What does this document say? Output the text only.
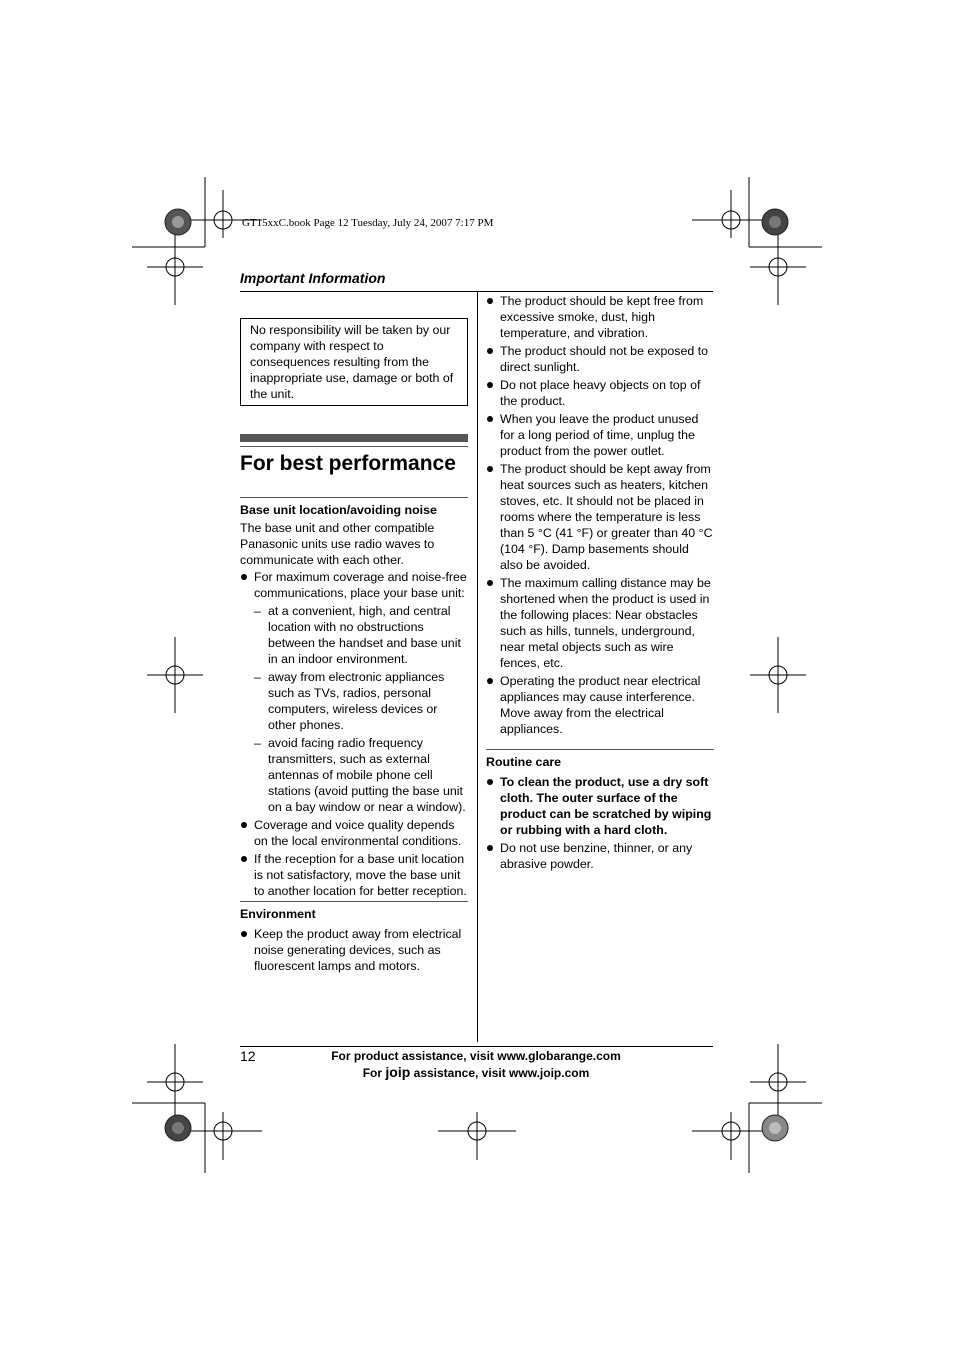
GT15xxC.book Page 12 Tuesday, July 24, 2007 7:17 PM
Important Information
No responsibility will be taken by our company with respect to consequences resulting from the inappropriate use, damage or both of the unit.
For best performance
Base unit location/avoiding noise
The base unit and other compatible Panasonic units use radio waves to communicate with each other.
For maximum coverage and noise-free communications, place your base unit:
– at a convenient, high, and central location with no obstructions between the handset and base unit in an indoor environment.
– away from electronic appliances such as TVs, radios, personal computers, wireless devices or other phones.
– avoid facing radio frequency transmitters, such as external antennas of mobile phone cell stations (avoid putting the base unit on a bay window or near a window).
Coverage and voice quality depends on the local environmental conditions.
If the reception for a base unit location is not satisfactory, move the base unit to another location for better reception.
Environment
Keep the product away from electrical noise generating devices, such as fluorescent lamps and motors.
The product should be kept free from excessive smoke, dust, high temperature, and vibration.
The product should not be exposed to direct sunlight.
Do not place heavy objects on top of the product.
When you leave the product unused for a long period of time, unplug the product from the power outlet.
The product should be kept away from heat sources such as heaters, kitchen stoves, etc. It should not be placed in rooms where the temperature is less than 5 °C (41 °F) or greater than 40 °C (104 °F). Damp basements should also be avoided.
The maximum calling distance may be shortened when the product is used in the following places: Near obstacles such as hills, tunnels, underground, near metal objects such as wire fences, etc.
Operating the product near electrical appliances may cause interference. Move away from the electrical appliances.
Routine care
To clean the product, use a dry soft cloth. The outer surface of the product can be scratched by wiping or rubbing with a hard cloth.
Do not use benzine, thinner, or any abrasive powder.
12	For product assistance, visit www.globarange.com
For joip assistance, visit www.joip.com
